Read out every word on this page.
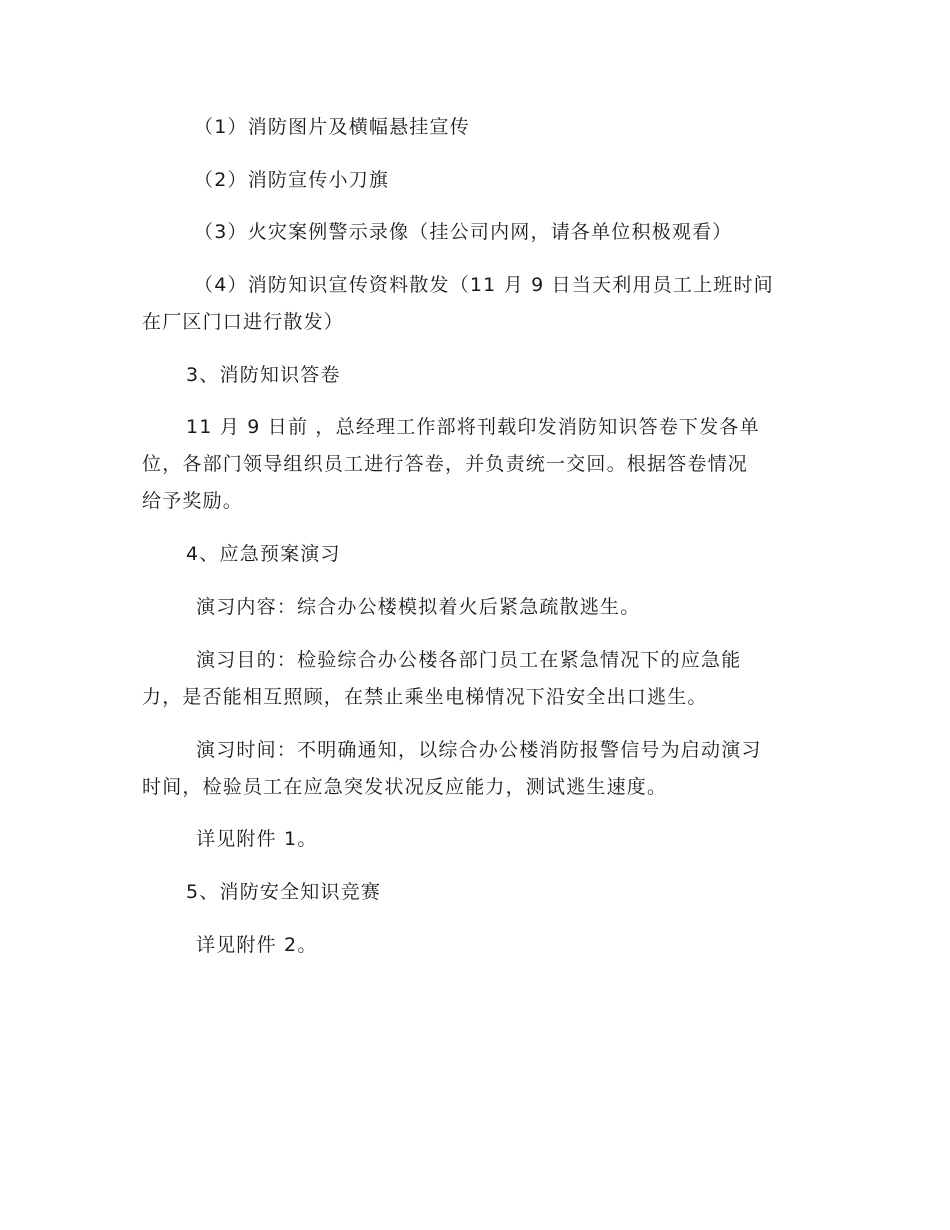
（1）消防图片及横幅悬挂宣传
（2）消防宣传小刀旗
（3）火灾案例警示录像（挂公司内网，请各单位积极观看）
（4）消防知识宣传资料散发（11 月 9 日当天利用员工上班时间
在厂区门口进行散发）
3、消防知识答卷
11 月 9 日前 ，总经理工作部将刊载印发消防知识答卷下发各单
位，各部门领导组织员工进行答卷，并负责统一交回。根据答卷情况
给予奖励。
4、应急预案演习
演习内容：综合办公楼模拟着火后紧急疏散逃生。
演习目的：检验综合办公楼各部门员工在紧急情况下的应急能
力，是否能相互照顾，在禁止乘坐电梯情况下沿安全出口逃生。
演习时间：不明确通知，以综合办公楼消防报警信号为启动演习
时间，检验员工在应急突发状况反应能力，测试逃生速度。
详见附件 1。
5、消防安全知识竞赛
详见附件 2。
